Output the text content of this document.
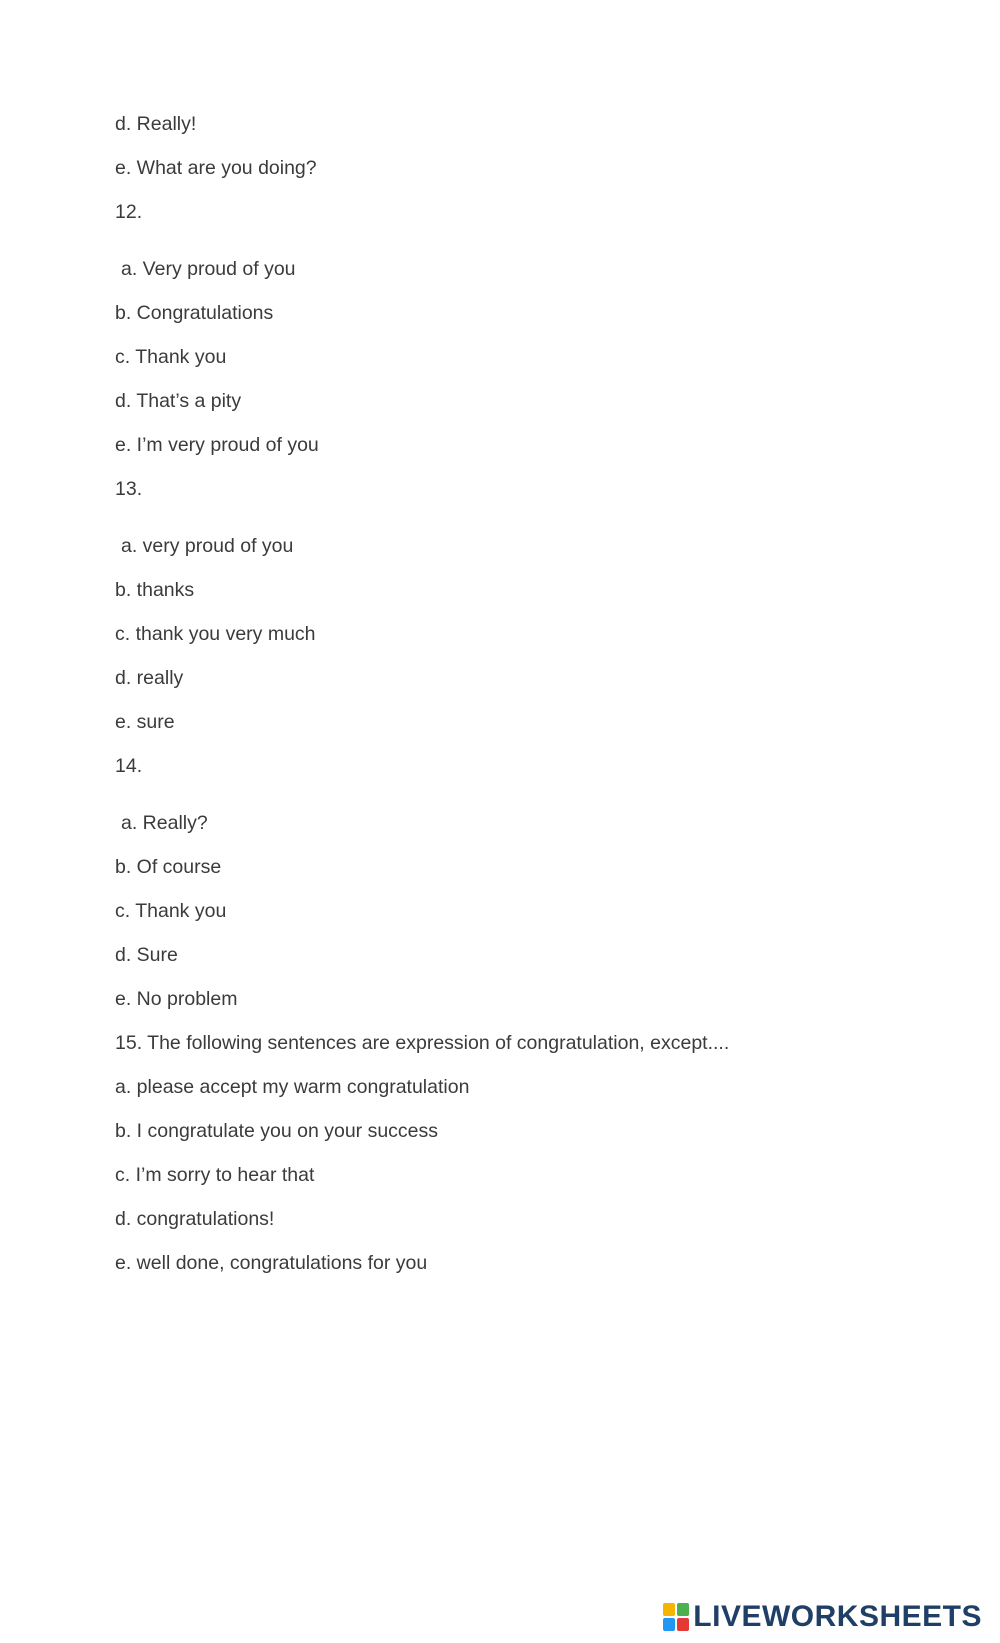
d. Really!
e. What are you doing?
12.
a. Very proud of you
b. Congratulations
c. Thank you
d. That’s a pity
e. I’m very proud of you
13.
a. very proud of you
b. thanks
c. thank you very much
d. really
e. sure
14.
a. Really?
b. Of course
c. Thank you
d. Sure
e. No problem
15. The following sentences are expression of congratulation, except....
a. please accept my warm congratulation
b. I congratulate you on your success
c. I’m sorry to hear that
d. congratulations!
e. well done, congratulations for you
LIVEWORKSHEETS
